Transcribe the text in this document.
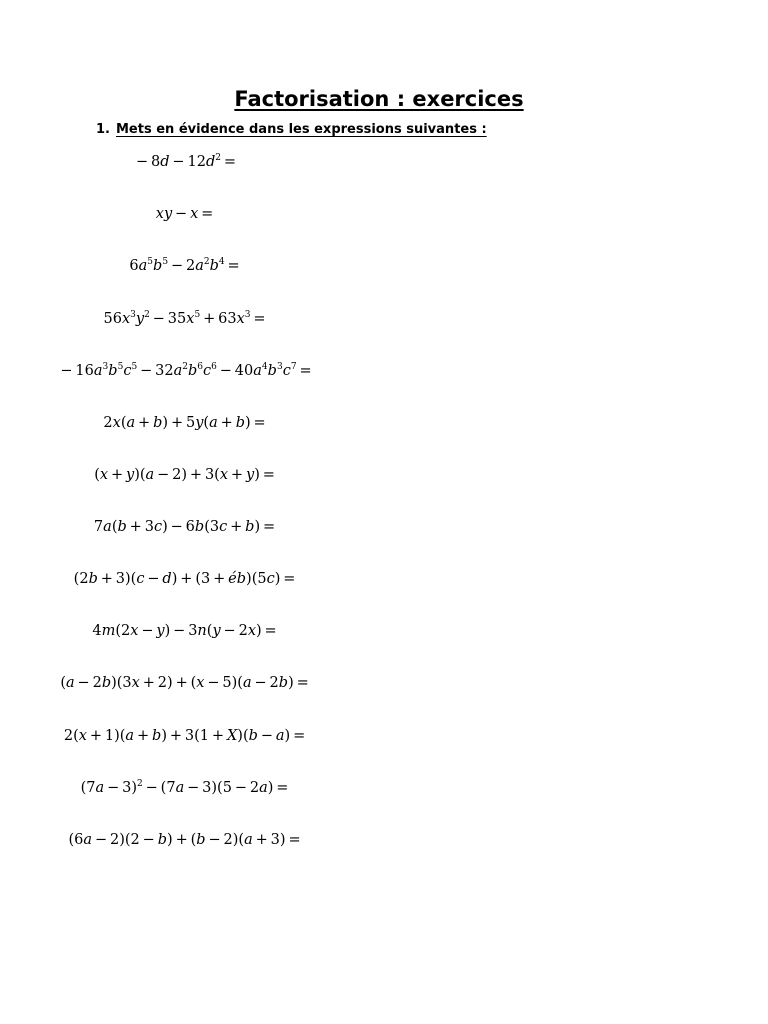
Factorisation : exercices
1. Mets en évidence dans les expressions suivantes :
 − $8d - 12d^2$ = 
xy − x = 
$6a^5b^5 - 2a^2b^4$ = 
$56x^3y^2 - 35x^5 + 63x^3$ = 
 − $16a^3b^5c^5 - 32a^2b^6c^6 - 40a^4b^3c^7$ = 
2x(a + b) + 5y(a + b) = 
(x + y)(a − 2) + 3(x + y) = 
7a(b + 3c) − 6b(3c + b) = 
(2b + 3)(c − d) + (3 + éb)(5c) = 
4m(2x − y) − 3n(y − 2x) = 
(a − 2b)(3x + 2) + (x − 5)(a − 2b) = 
2(x + 1)(a + b) + 3(1 + X)(b − a) = 
$(7a - 3)^2 - (7a - 3)(5 - 2a)$ = 
(6a − 2)(2 − b) + (b − 2)(a + 3) = 
